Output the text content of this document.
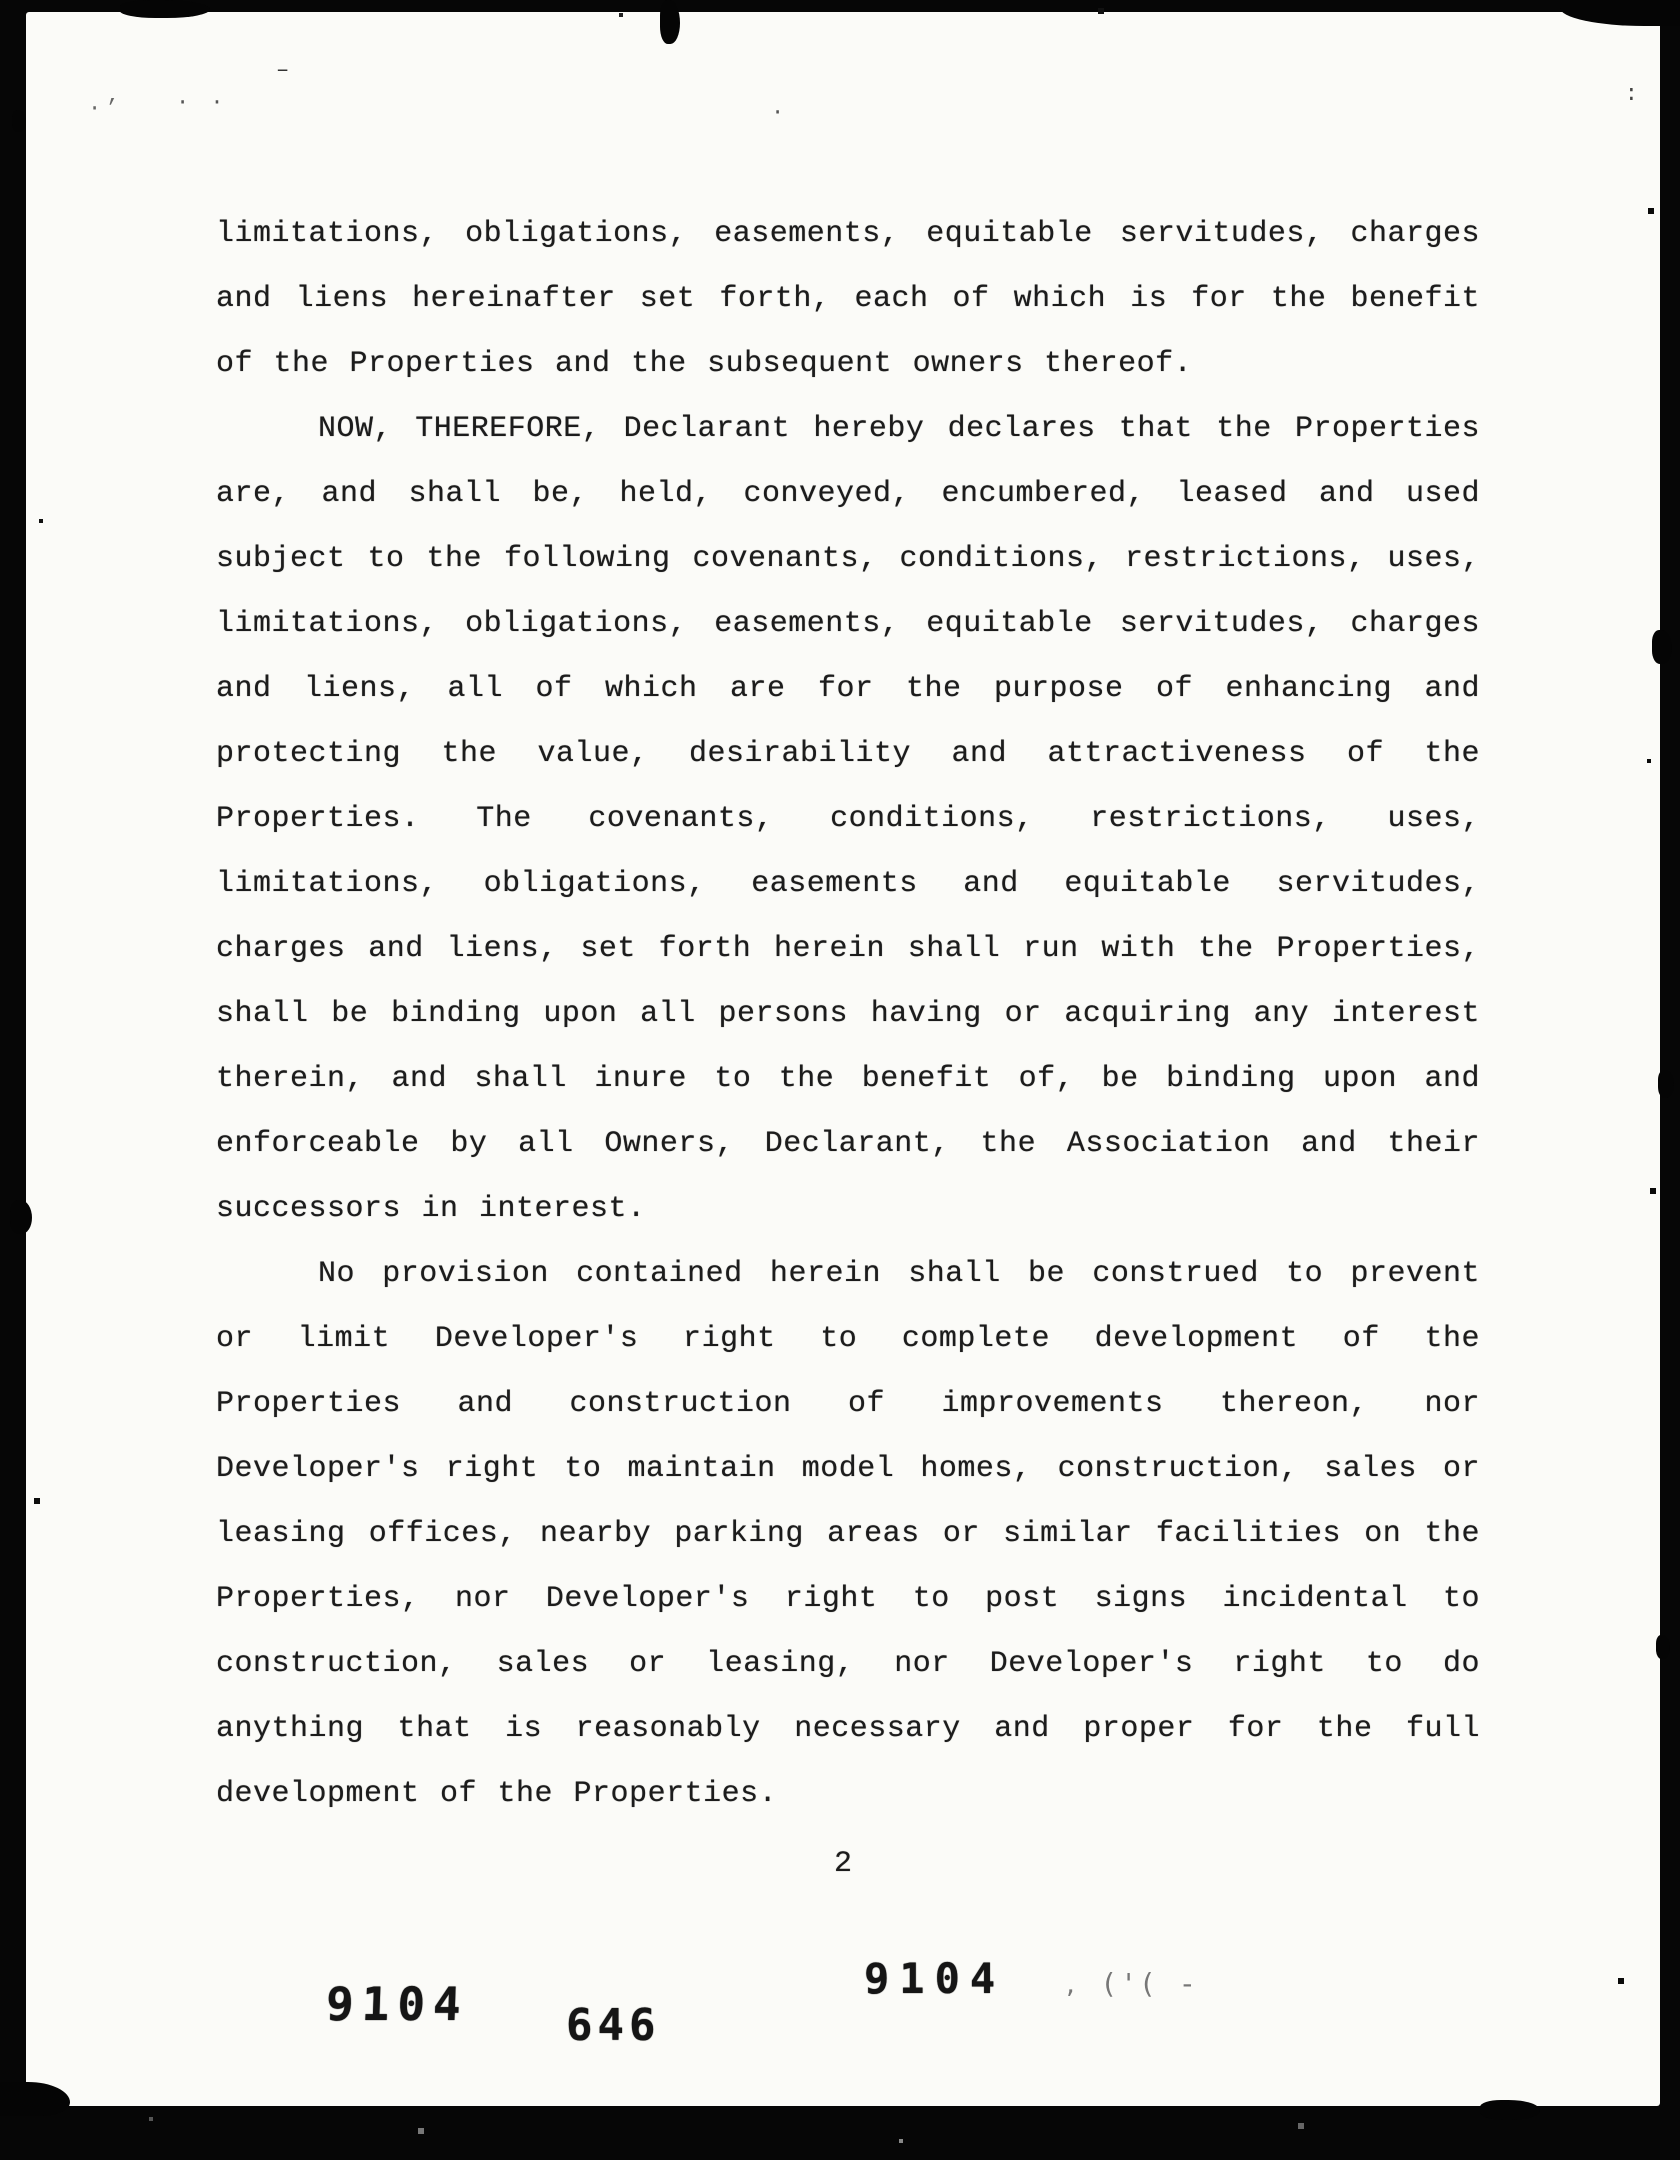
· ·
–
·’	·
:

limitations, obligations, easements, equitable servitudes, charges and liens hereinafter set forth, each of which is for the benefit of the Properties and the subsequent owners thereof.

NOW, THEREFORE, Declarant hereby declares that the Properties are, and shall be, held, conveyed, encumbered, leased and used subject to the following covenants, conditions, restrictions, uses, limitations, obligations, easements, equitable servitudes, charges and liens, all of which are for the purpose of enhancing and protecting the value, desirability and attractiveness of the Properties. The covenants, conditions, restrictions, uses, limitations, obligations, easements and equitable servitudes, charges and liens, set forth herein shall run with the Properties, shall be binding upon all persons having or acquiring any interest therein, and shall inure to the benefit of, be binding upon and enforceable by all Owners, Declarant, the Association and their successors in interest.

No provision contained herein shall be construed to prevent or limit Developer's right to complete development of the Properties and construction of improvements thereon, nor Developer's right to maintain model homes, construction, sales or leasing offices, nearby parking areas or similar facilities on the Properties, nor Developer's right to post signs incidental to construction, sales or leasing, nor Developer's right to do anything that is reasonably necessary and proper for the full development of the Properties.

2
9104 646
9104 , ('( -
